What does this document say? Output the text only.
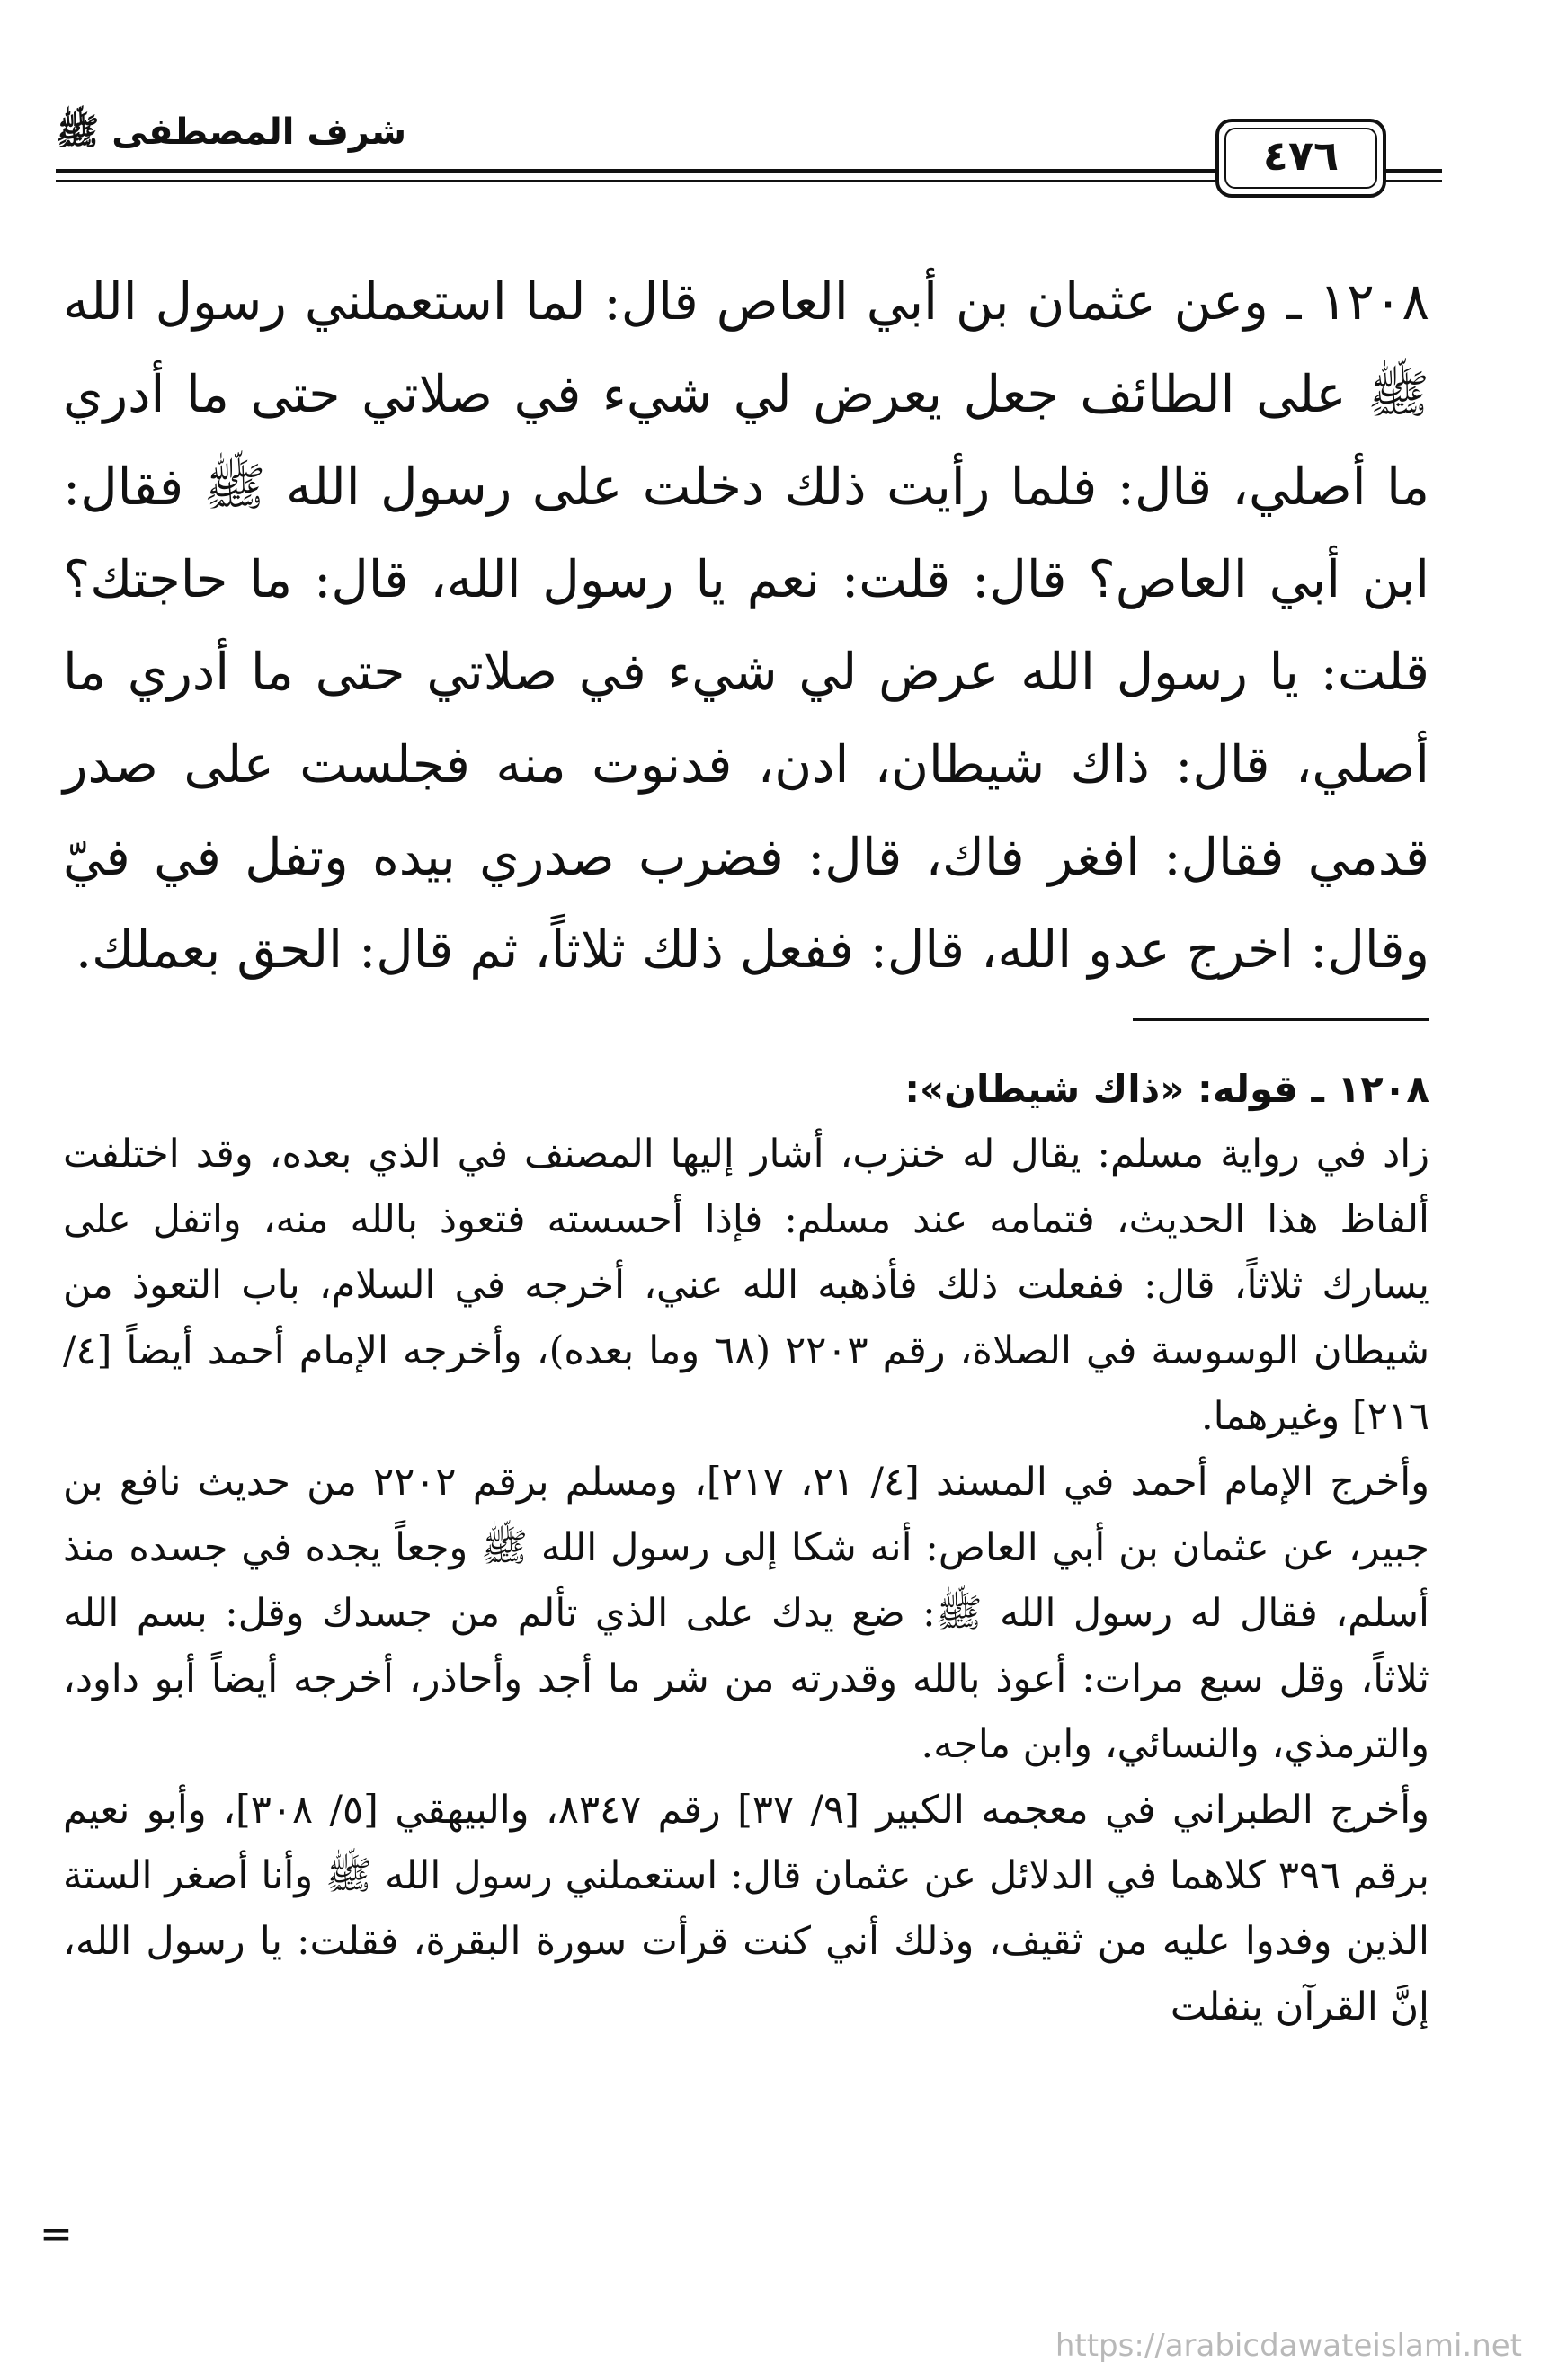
شرف المصطفى ﷺ	٤٧٦

١٢٠٨ ـ وعن عثمان بن أبي العاص قال: لما استعملني رسول الله ﷺ على الطائف جعل يعرض لي شيء في صلاتي حتى ما أدري ما أصلي، قال: فلما رأيت ذلك دخلت على رسول الله ﷺ فقال: ابن أبي العاص؟ قال: قلت: نعم يا رسول الله، قال: ما حاجتك؟ قلت: يا رسول الله عرض لي شيء في صلاتي حتى ما أدري ما أصلي، قال: ذاك شيطان، ادن، فدنوت منه فجلست على صدر قدمي فقال: افغر فاك، قال: فضرب صدري بيده وتفل في فيّ وقال: اخرج عدو الله، قال: ففعل ذلك ثلاثاً، ثم قال: الحق بعملك.

١٢٠٨ ـ قوله: «ذاك شيطان»:

زاد في رواية مسلم: يقال له خنزب، أشار إليها المصنف في الذي بعده، وقد اختلفت ألفاظ هذا الحديث، فتمامه عند مسلم: فإذا أحسسته فتعوذ بالله منه، واتفل على يسارك ثلاثاً، قال: ففعلت ذلك فأذهبه الله عني، أخرجه في السلام، باب التعوذ من شيطان الوسوسة في الصلاة، رقم ٢٢٠٣ (٦٨ وما بعده)، وأخرجه الإمام أحمد أيضاً [٤/ ٢١٦] وغيرهما.

وأخرج الإمام أحمد في المسند [٤/ ٢١، ٢١٧]، ومسلم برقم ٢٢٠٢ من حديث نافع بن جبير، عن عثمان بن أبي العاص: أنه شكا إلى رسول الله ﷺ وجعاً يجده في جسده منذ أسلم، فقال له رسول الله ﷺ: ضع يدك على الذي تألم من جسدك وقل: بسم الله ثلاثاً، وقل سبع مرات: أعوذ بالله وقدرته من شر ما أجد وأحاذر، أخرجه أيضاً أبو داود، والترمذي، والنسائي، وابن ماجه.

وأخرج الطبراني في معجمه الكبير [٩/ ٣٧] رقم ٨٣٤٧، والبيهقي [٥/ ٣٠٨]، وأبو نعيم برقم ٣٩٦ كلاهما في الدلائل عن عثمان قال: استعملني رسول الله ﷺ وأنا أصغر الستة الذين وفدوا عليه من ثقيف، وذلك أني كنت قرأت سورة البقرة، فقلت: يا رسول الله، إنَّ القرآن ينفلت

=
https://arabicdawateislami.net
